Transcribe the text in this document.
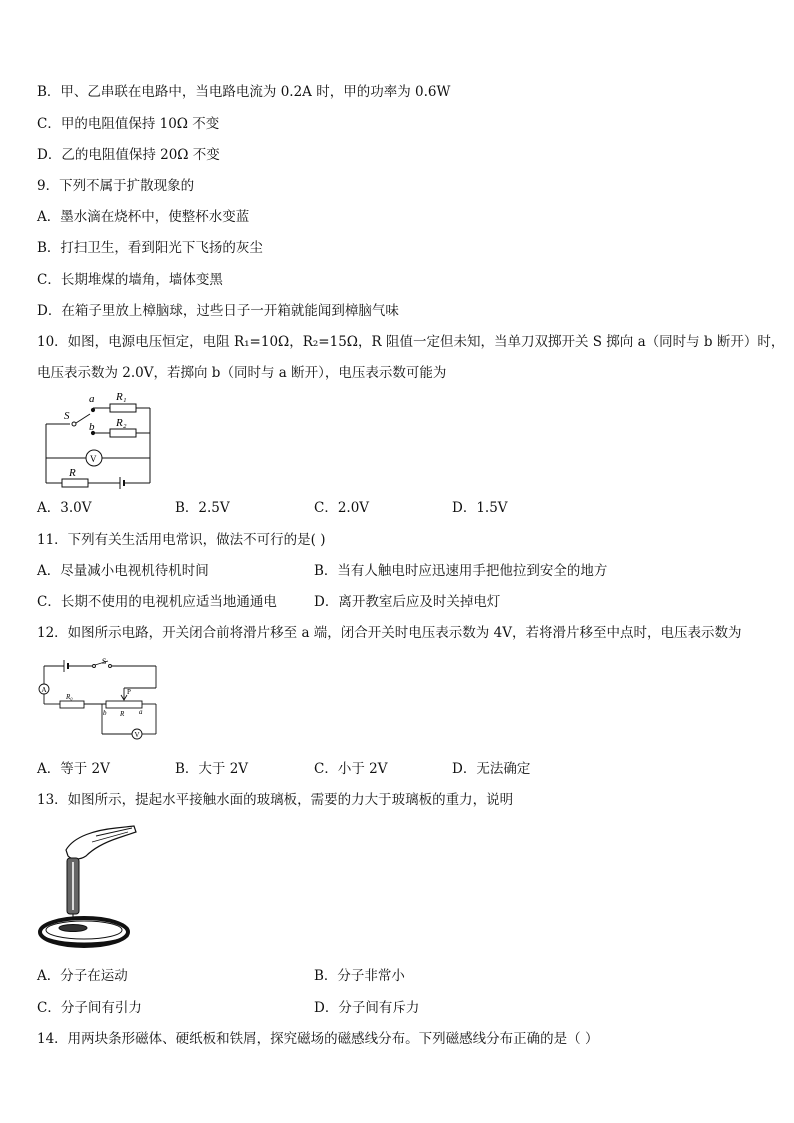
B．甲、乙串联在电路中，当电路电流为 0.2A 时，甲的功率为 0.6W
C．甲的电阻值保持 10Ω 不变
D．乙的电阻值保持 20Ω 不变
9．下列不属于扩散现象的
A．墨水滴在烧杯中，使整杯水变蓝
B．打扫卫生，看到阳光下飞扬的灰尘
C．长期堆煤的墙角，墙体变黑
D．在箱子里放上樟脑球，过些日子一开箱就能闻到樟脑气味
10．如图，电源电压恒定，电阻 R₁=10Ω，R₂=15Ω，R 阻值一定但未知，当单刀双掷开关 S 掷向 a（同时与 b 断开）时，
电压表示数为 2.0V，若掷向 b（同时与 a 断开），电压表示数可能为
S
a
b
R₁
R₂
V
R
A．3.0V	B．2.5V	C．2.0V	D．1.5V
11．下列有关生活用电常识，做法不可行的是( )
A．尽量减小电视机待机时间	B．当有人触电时应迅速用手把他拉到安全的地方
C．长期不使用的电视机应适当地通通电	D．离开教室后应及时关掉电灯
12．如图所示电路，开关闭合前将滑片移至 a 端，闭合开关时电压表示数为 4V，若将滑片移至中点时，电压表示数为
S
A
R₀
P
b R a
V
A．等于 2V	B．大于 2V	C．小于 2V	D．无法确定
13．如图所示，提起水平接触水面的玻璃板，需要的力大于玻璃板的重力，说明
A．分子在运动	B．分子非常小
C．分子间有引力	D．分子间有斥力
14．用两块条形磁体、硬纸板和铁屑，探究磁场的磁感线分布。下列磁感线分布正确的是（ ）
